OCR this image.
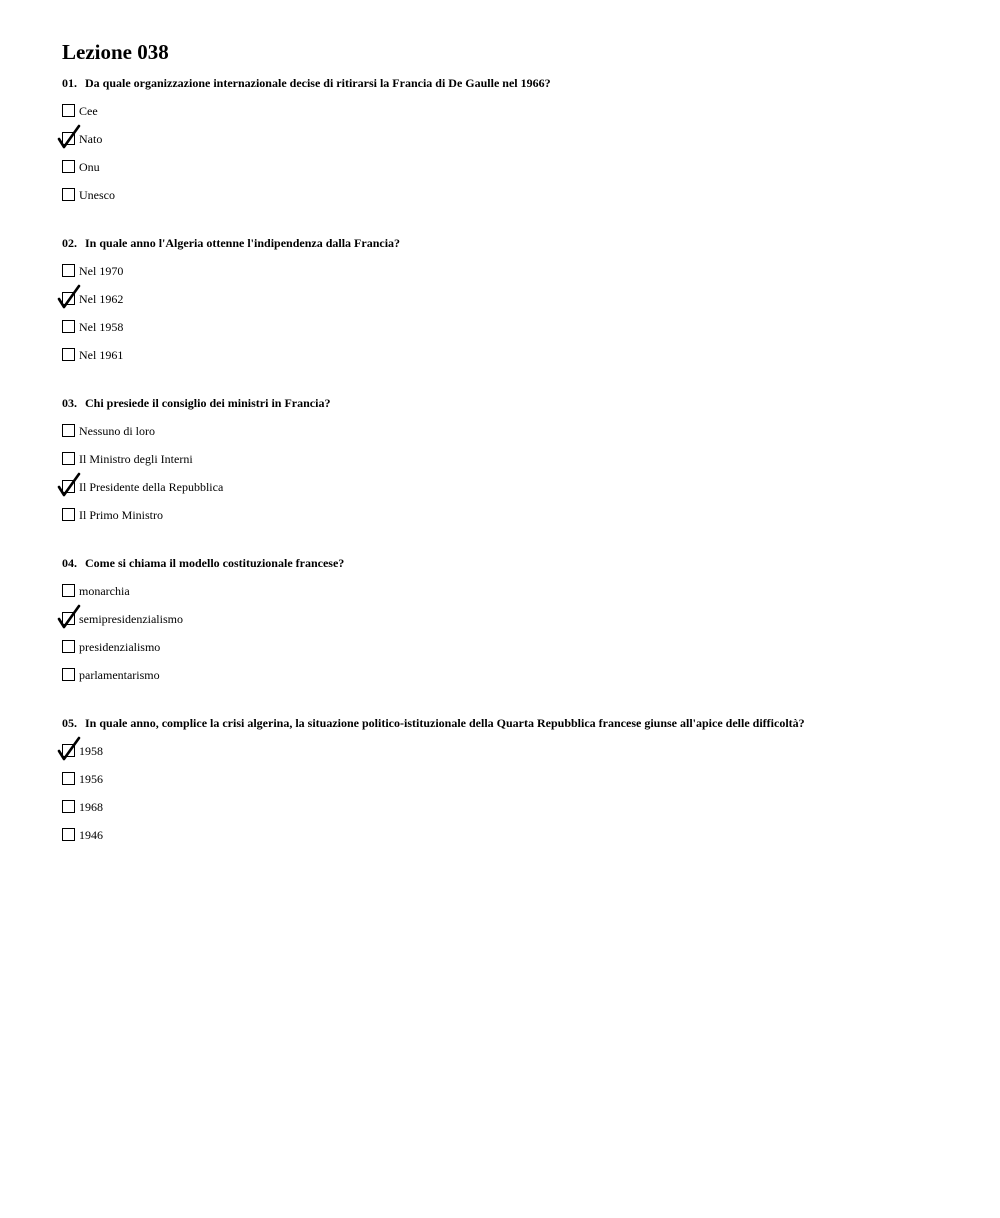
Lezione 038
01. Da quale organizzazione internazionale decise di ritirarsi la Francia di De Gaulle nel 1966?
Cee
Nato
Onu
Unesco
02. In quale anno l'Algeria ottenne l'indipendenza dalla Francia?
Nel 1970
Nel 1962
Nel 1958
Nel 1961
03. Chi presiede il consiglio dei ministri in Francia?
Nessuno di loro
Il Ministro degli Interni
Il Presidente della Repubblica
Il Primo Ministro
04. Come si chiama il modello costituzionale francese?
monarchia
semipresidenzialismo
presidenzialismo
parlamentarismo
05. In quale anno, complice la crisi algerina, la situazione politico-istituzionale della Quarta Repubblica francese giunse all'apice delle difficoltà?
1958
1956
1968
1946
